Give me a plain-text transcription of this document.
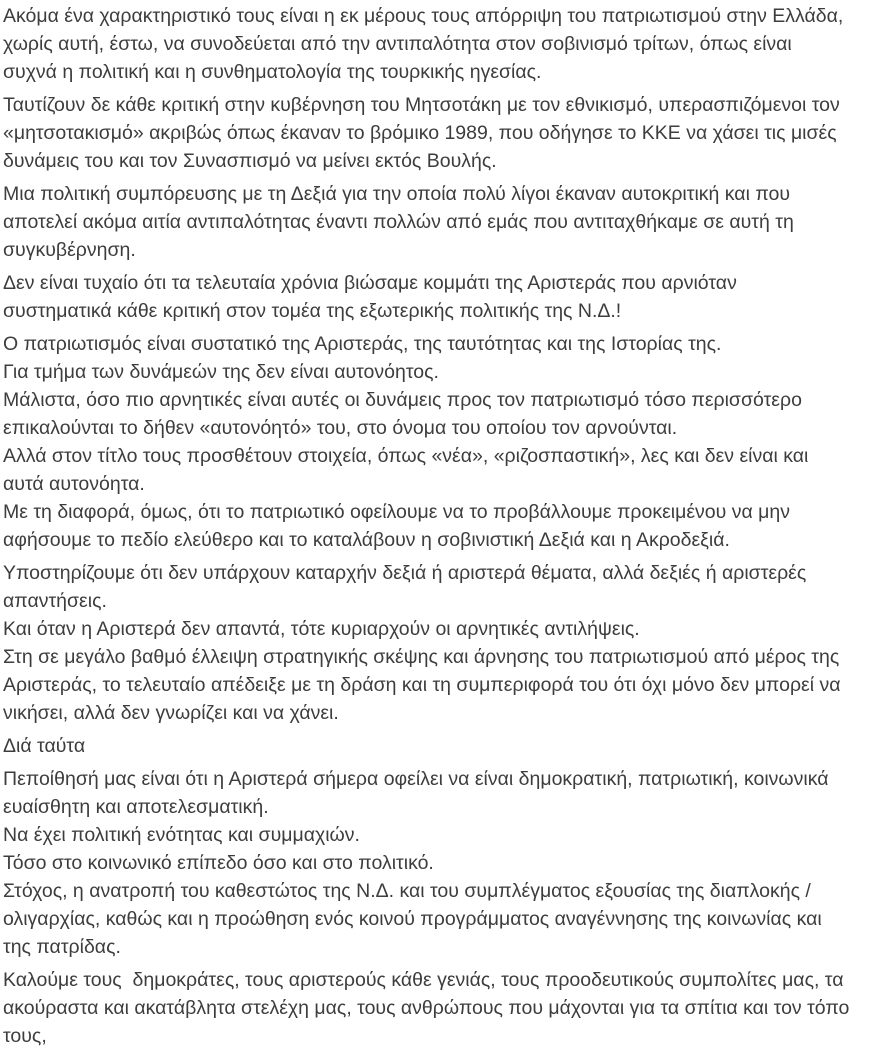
Ακόμα ένα χαρακτηριστικό τους είναι η εκ μέρους τους απόρριψη του πατριωτισμού στην Ελλάδα, χωρίς αυτή, έστω, να συνοδεύεται από την αντιπαλότητα στον σοβινισμό τρίτων, όπως είναι συχνά η πολιτική και η συνθηματολογία της τουρκικής ηγεσίας.

Ταυτίζουν δε κάθε κριτική στην κυβέρνηση του Μητσοτάκη με τον εθνικισμό, υπερασπιζόμενοι τον «μητσοτακισμό» ακριβώς όπως έκαναν το βρόμικο 1989, που οδήγησε το ΚΚΕ να χάσει τις μισές δυνάμεις του και τον Συνασπισμό να μείνει εκτός Βουλής.

Μια πολιτική συμπόρευσης με τη Δεξιά για την οποία πολύ λίγοι έκαναν αυτοκριτική και που αποτελεί ακόμα αιτία αντιπαλότητας έναντι πολλών από εμάς που αντιταχθήκαμε σε αυτή τη συγκυβέρνηση.

Δεν είναι τυχαίο ότι τα τελευταία χρόνια βιώσαμε κομμάτι της Αριστεράς που αρνιόταν συστηματικά κάθε κριτική στον τομέα της εξωτερικής πολιτικής της Ν.Δ.!

Ο πατριωτισμός είναι συστατικό της Αριστεράς, της ταυτότητας και της Ιστορίας της.
Για τμήμα των δυνάμεών της δεν είναι αυτονόητος.
Μάλιστα, όσο πιο αρνητικές είναι αυτές οι δυνάμεις προς τον πατριωτισμό τόσο περισσότερο επικαλούνται το δήθεν «αυτονόητό» του, στο όνομα του οποίου τον αρνούνται.
Αλλά στον τίτλο τους προσθέτουν στοιχεία, όπως «νέα», «ριζοσπαστική», λες και δεν είναι και αυτά αυτονόητα.
Με τη διαφορά, όμως, ότι το πατριωτικό οφείλουμε να το προβάλλουμε προκειμένου να μην αφήσουμε το πεδίο ελεύθερο και το καταλάβουν η σοβινιστική Δεξιά και η Ακροδεξιά.

Υποστηρίζουμε ότι δεν υπάρχουν καταρχήν δεξιά ή αριστερά θέματα, αλλά δεξιές ή αριστερές απαντήσεις.
Και όταν η Αριστερά δεν απαντά, τότε κυριαρχούν οι αρνητικές αντιλήψεις.
Στη σε μεγάλο βαθμό έλλειψη στρατηγικής σκέψης και άρνησης του πατριωτισμού από μέρος της Αριστεράς, το τελευταίο απέδειξε με τη δράση και τη συμπεριφορά του ότι όχι μόνο δεν μπορεί να νικήσει, αλλά δεν γνωρίζει και να χάνει.

Διά ταύτα

Πεποίθησή μας είναι ότι η Αριστερά σήμερα οφείλει να είναι δημοκρατική, πατριωτική, κοινωνικά ευαίσθητη και αποτελεσματική.
Να έχει πολιτική ενότητας και συμμαχιών.
Τόσο στο κοινωνικό επίπεδο όσο και στο πολιτικό.
Στόχος, η ανατροπή του καθεστώτος της Ν.Δ. και του συμπλέγματος εξουσίας της διαπλοκής / ολιγαρχίας, καθώς και η προώθηση ενός κοινού προγράμματος αναγέννησης της κοινωνίας και της πατρίδας.

Καλούμε τους  δημοκράτες, τους αριστερούς κάθε γενιάς, τους προοδευτικούς συμπολίτες μας, τα ακούραστα και ακατάβλητα στελέχη μας, τους ανθρώπους που μάχονται για τα σπίτια και τον τόπο τους,
